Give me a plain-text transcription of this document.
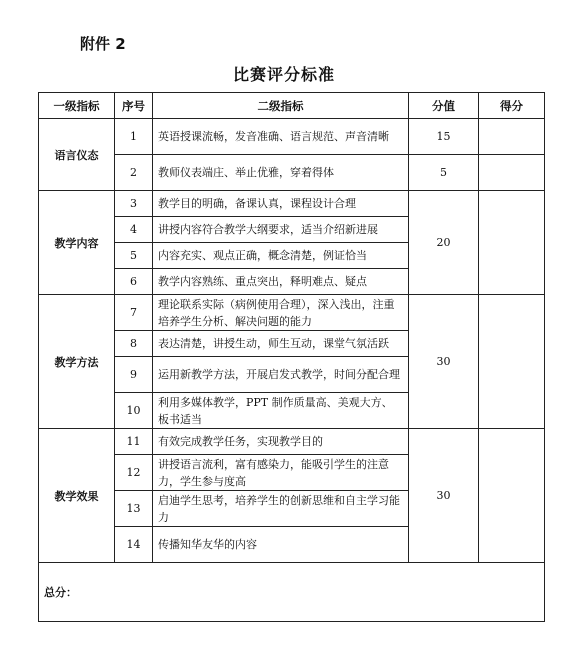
附件 2
比赛评分标准
一级指标	序号	二级指标	分值	得分
语言仪态	1	英语授课流畅，发音准确、语言规范、声音清晰	15	
	2	教师仪表端庄、举止优雅，穿着得体	5	
教学内容	3	教学目的明确，备课认真，课程设计合理	20	
	4	讲授内容符合教学大纲要求，适当介绍新进展		
	5	内容充实、观点正确，概念清楚，例证恰当		
	6	教学内容熟练、重点突出，释明难点、疑点		
教学方法	7	理论联系实际（病例使用合理），深入浅出，注重培养学生分析、解决问题的能力	30	
	8	表达清楚，讲授生动，师生互动，课堂气氛活跃		
	9	运用新教学方法，开展启发式教学，时间分配合理		
	10	利用多媒体教学，PPT 制作质量高、美观大方、板书适当		
教学效果	11	有效完成教学任务，实现教学目的	30	
	12	讲授语言流利，富有感染力，能吸引学生的注意力，学生参与度高		
	13	启迪学生思考，培养学生的创新思维和自主学习能力		
	14	传播知华友华的内容		
总分：				
